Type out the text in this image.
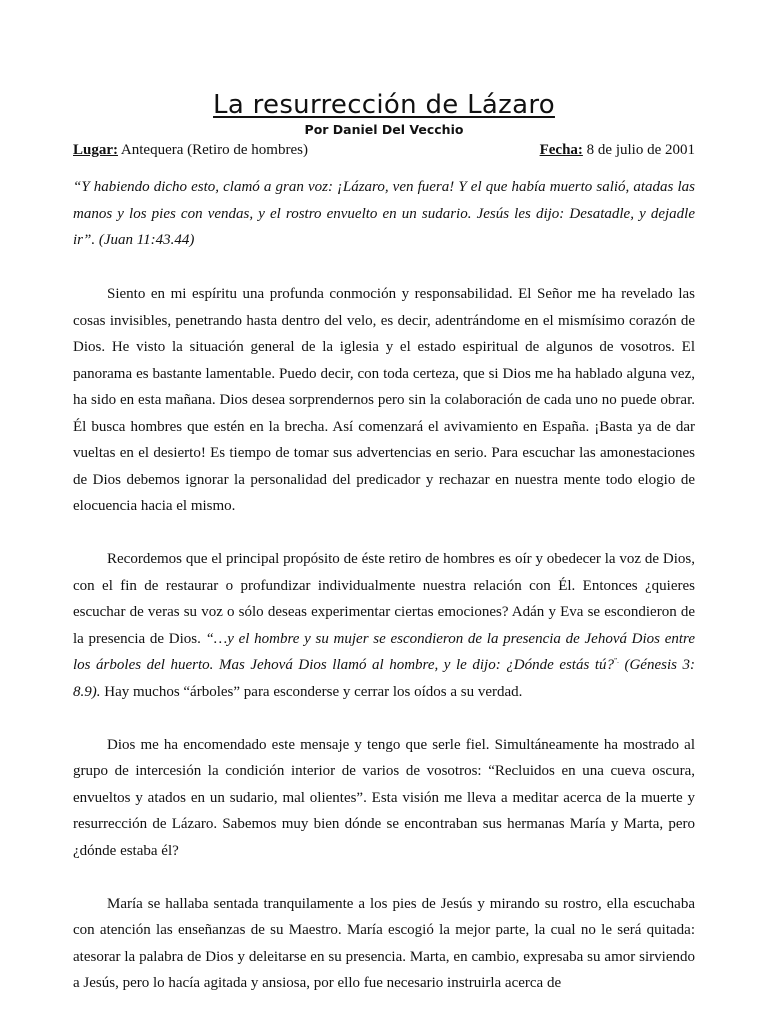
La resurrección de Lázaro
Por Daniel Del Vecchio
Lugar: Antequera (Retiro de hombres)	Fecha: 8 de julio de 2001
“Y habiendo dicho esto, clamó a gran voz: ¡Lázaro, ven fuera! Y el que había muerto salió, atadas las manos y los pies con vendas, y el rostro envuelto en un sudario. Jesús les dijo: Desatadle, y dejadle ir”. (Juan 11:43.44)

Siento en mi espíritu una profunda conmoción y responsabilidad. El Señor me ha revelado las cosas invisibles, penetrando hasta dentro del velo, es decir, adentrándome en el mismísimo corazón de Dios. He visto la situación general de la iglesia y el estado espiritual de algunos de vosotros. El panorama es bastante lamentable. Puedo decir, con toda certeza, que si Dios me ha hablado alguna vez, ha sido en esta mañana. Dios desea sorprendernos pero sin la colaboración de cada uno no puede obrar. Él busca hombres que estén en la brecha. Así comenzará el avivamiento en España. ¡Basta ya de dar vueltas en el desierto! Es tiempo de tomar sus advertencias en serio. Para escuchar las amonestaciones de Dios debemos ignorar la personalidad del predicador y rechazar en nuestra mente todo elogio de elocuencia hacia el mismo.

Recordemos que el principal propósito de éste retiro de hombres es oír y obedecer la voz de Dios, con el fin de restaurar o profundizar individualmente nuestra relación con Él. Entonces ¿quieres escuchar de veras su voz o sólo deseas experimentar ciertas emociones? Adán y Eva se escondieron de la presencia de Dios. “…y el hombre y su mujer se escondieron de la presencia de Jehová Dios entre los árboles del huerto. Mas Jehová Dios llamó al hombre, y le dijo: ¿Dónde estás tú?”. (Génesis 3: 8.9). Hay muchos “árboles” para esconderse y cerrar los oídos a su verdad.

Dios me ha encomendado este mensaje y tengo que serle fiel. Simultáneamente ha mostrado al grupo de intercesión la condición interior de varios de vosotros: “Recluidos en una cueva oscura, envueltos y atados en un sudario, mal olientes”. Esta visión me lleva a meditar acerca de la muerte y resurrección de Lázaro. Sabemos muy bien dónde se encontraban sus hermanas María y Marta, pero ¿dónde estaba él?

María se hallaba sentada tranquilamente a los pies de Jesús y mirando su rostro, ella escuchaba con atención las enseñanzas de su Maestro. María escogió la mejor parte, la cual no le será quitada: atesorar la palabra de Dios y deleitarse en su presencia. Marta, en cambio, expresaba su amor sirviendo a Jesús, pero lo hacía agitada y ansiosa, por ello fue necesario instruirla acerca de
